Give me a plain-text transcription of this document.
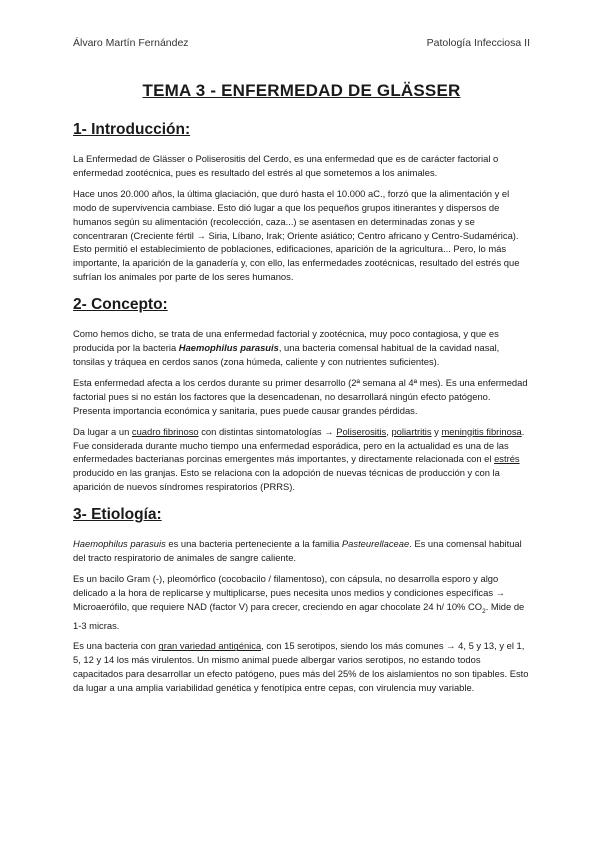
Álvaro Martín Fernández	Patología Infecciosa II
TEMA 3 - ENFERMEDAD DE GLÄSSER
1- Introducción:

La Enfermedad de Glässer o Poliserositis del Cerdo, es una enfermedad que es de carácter factorial o enfermedad zootécnica, pues es resultado del estrés al que sometemos a los animales.

Hace unos 20.000 años, la última glaciación, que duró hasta el 10.000 aC., forzó que la alimentación y el modo de supervivencia cambiase. Esto dió lugar a que los pequeños grupos itinerantes y dispersos de humanos según su alimentación (recolección, caza...) se asentasen en determinadas zonas y se concentraran (Creciente fértil → Siria, Líbano, Irak; Oriente asiático; Centro africano y Centro-Sudamérica). Esto permitió el establecimiento de poblaciones, edificaciones, aparición de la agricultura... Pero, lo más importante, la aparición de la ganadería y, con ello, las enfermedades zootécnicas, resultado del estrés que sufrían los animales por parte de los seres humanos.

2- Concepto:

Como hemos dicho, se trata de una enfermedad factorial y zootécnica, muy poco contagiosa, y que es producida por la bacteria Haemophilus parasuis, una bacteria comensal habitual de la cavidad nasal, tonsilas y tráquea en cerdos sanos (zona húmeda, caliente y con nutrientes suficientes).

Esta enfermedad afecta a los cerdos durante su primer desarrollo (2ª semana al 4ª mes). Es una enfermedad factorial pues si no están los factores que la desencadenan, no desarrollará ningún efecto patógeno. Presenta importancia económica y sanitaria, pues puede causar grandes pérdidas.

Da lugar a un cuadro fibrinoso con distintas sintomatologías → Poliserositis, poliartritis y meningitis fibrinosa. Fue considerada durante mucho tiempo una enfermedad esporádica, pero en la actualidad es una de las enfermedades bacterianas porcinas emergentes más importantes, y directamente relacionada con el estrés producido en las granjas. Esto se relaciona con la adopción de nuevas técnicas de producción y con la aparición de nuevos síndromes respiratorios (PRRS).

3- Etiología:

Haemophilus parasuis es una bacteria perteneciente a la familia Pasteurellaceae. Es una comensal habitual del tracto respiratorio de animales de sangre caliente.

Es un bacilo Gram (-), pleomórfico (cocobacilo / filamentoso), con cápsula, no desarrolla esporo y algo delicado a la hora de replicarse y multiplicarse, pues necesita unos medios y condiciones específicas → Microaerófilo, que requiere NAD (factor V) para crecer, creciendo en agar chocolate 24 h/ 10% $CO_2$. Mide de 1-3 micras.

Es una bacteria con gran variedad antigénica, con 15 serotipos, siendo los más comunes → 4, 5 y 13, y el 1, 5, 12 y 14 los más virulentos. Un mismo animal puede albergar varios serotipos, no estando todos capacitados para desarrollar un efecto patógeno, pues más del 25% de los aislamientos no son tipables. Esto da lugar a una amplia variabilidad genética y fenotípica entre cepas, con virulencia muy variable.
